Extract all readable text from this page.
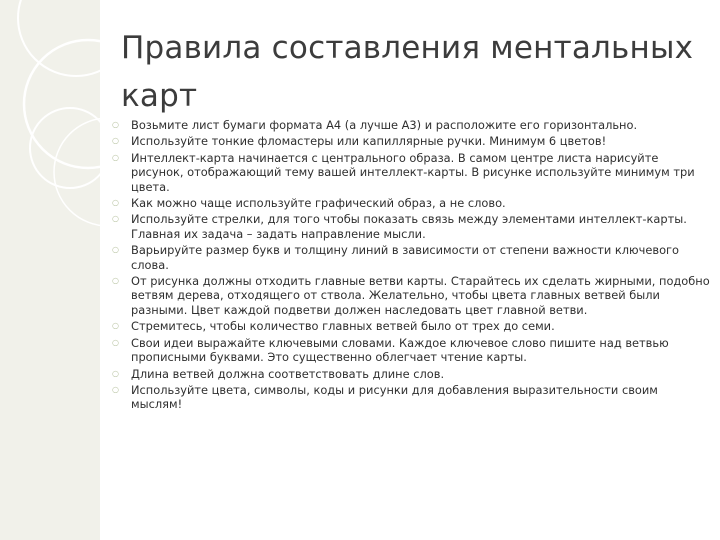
Правила составления ментальных карт
○ Возьмите лист бумаги формата А4 (а лучше А3) и расположите его горизонтально.
○ Используйте тонкие фломастеры или капиллярные ручки. Минимум 6 цветов!
○ Интеллект-карта начинается с центрального образа. В самом центре листа нарисуйте рисунок, отображающий тему вашей интеллект-карты. В рисунке используйте минимум три цвета.
○ Как можно чаще используйте графический образ, а не слово.
○ Используйте стрелки, для того чтобы показать связь между элементами интеллект-карты. Главная их задача – задать направление мысли.
○ Варьируйте размер букв и толщину линий в зависимости от степени важности ключевого слова.
○ От рисунка должны отходить главные ветви карты. Старайтесь их сделать жирными, подобно ветвям дерева, отходящего от ствола. Желательно, чтобы цвета главных ветвей были разными. Цвет каждой подветви должен наследовать цвет главной ветви.
○ Стремитесь, чтобы количество главных ветвей было от трех до семи.
○ Свои идеи выражайте ключевыми словами. Каждое ключевое слово пишите над ветвью прописными буквами. Это существенно облегчает чтение карты.
○ Длина ветвей должна соответствовать длине слов.
○ Используйте цвета, символы, коды и рисунки для добавления выразительности своим мыслям!
